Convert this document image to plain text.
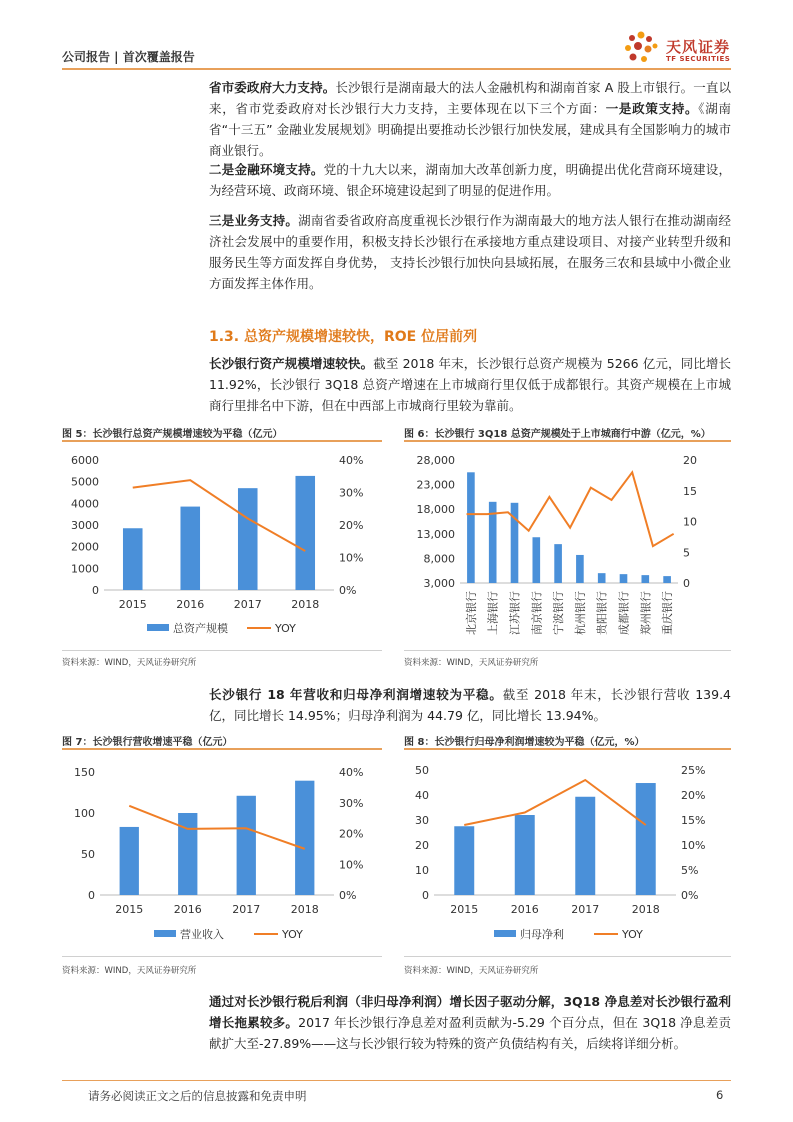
公司报告 | 首次覆盖报告
天风证券
TF SECURITIES
省市委政府大力支持。长沙银行是湖南最大的法人金融机构和湖南首家 A 股上市银行。一直以来，省市党委政府对长沙银行大力支持，主要体现在以下三个方面：一是政策支持。《湖南省“十三五” 金融业发展规划》明确提出要推动长沙银行加快发展，建成具有全国影响力的城市商业银行。
二是金融环境支持。党的十九大以来，湖南加大改革创新力度，明确提出优化营商环境建设，为经营环境、政商环境、银企环境建设起到了明显的促进作用。
三是业务支持。湖南省委省政府高度重视长沙银行作为湖南最大的地方法人银行在推动湖南经济社会发展中的重要作用，积极支持长沙银行在承接地方重点建设项目、对接产业转型升级和服务民生等方面发挥自身优势， 支持长沙银行加快向县域拓展，在服务三农和县域中小微企业方面发挥主体作用。
1.3. 总资产规模增速较快，ROE 位居前列
长沙银行资产规模增速较快。截至 2018 年末，长沙银行总资产规模为 5266 亿元，同比增长 11.92%，长沙银行 3Q18 总资产增速在上市城商行里仅低于成都银行。其资产规模在上市城商行里排名中下游，但在中西部上市城商行里较为靠前。
图 5：长沙银行总资产规模增速较为平稳（亿元）
0
1000
2000
3000
4000
5000
6000
0%
10%
20%
30%
40%
2015	2016	2017	2018
总资产规模	YOY
资料来源：WIND，天风证券研究所
图 6：长沙银行 3Q18 总资产规模处于上市城商行中游（亿元，%）
3,000
8,000
13,000
18,000
23,000
28,000
0
5
10
15
20
北京银行 上海银行 江苏银行 南京银行 宁波银行 杭州银行 贵阳银行 成都银行 郑州银行 重庆银行
资料来源：WIND，天风证券研究所
长沙银行 18 年营收和归母净利润增速较为平稳。截至 2018 年末，长沙银行营收 139.4 亿，同比增长 14.95%；归母净利润为 44.79 亿，同比增长 13.94%。
图 7：长沙银行营收增速平稳（亿元）
0
50
100
150
0%
10%
20%
30%
40%
2015	2016	2017	2018
营业收入	YOY
资料来源：WIND，天风证券研究所
图 8：长沙银行归母净利润增速较为平稳（亿元，%）
0
10
20
30
40
50
0%
5%
10%
15%
20%
25%
2015	2016	2017	2018
归母净利	YOY
资料来源：WIND，天风证券研究所
通过对长沙银行税后利润（非归母净利润）增长因子驱动分解，3Q18 净息差对长沙银行盈利增长拖累较多。2017 年长沙银行净息差对盈利贡献为-5.29 个百分点，但在 3Q18 净息差贡献扩大至-27.89%——这与长沙银行较为特殊的资产负债结构有关，后续将详细分析。
请务必阅读正文之后的信息披露和免责申明	6
